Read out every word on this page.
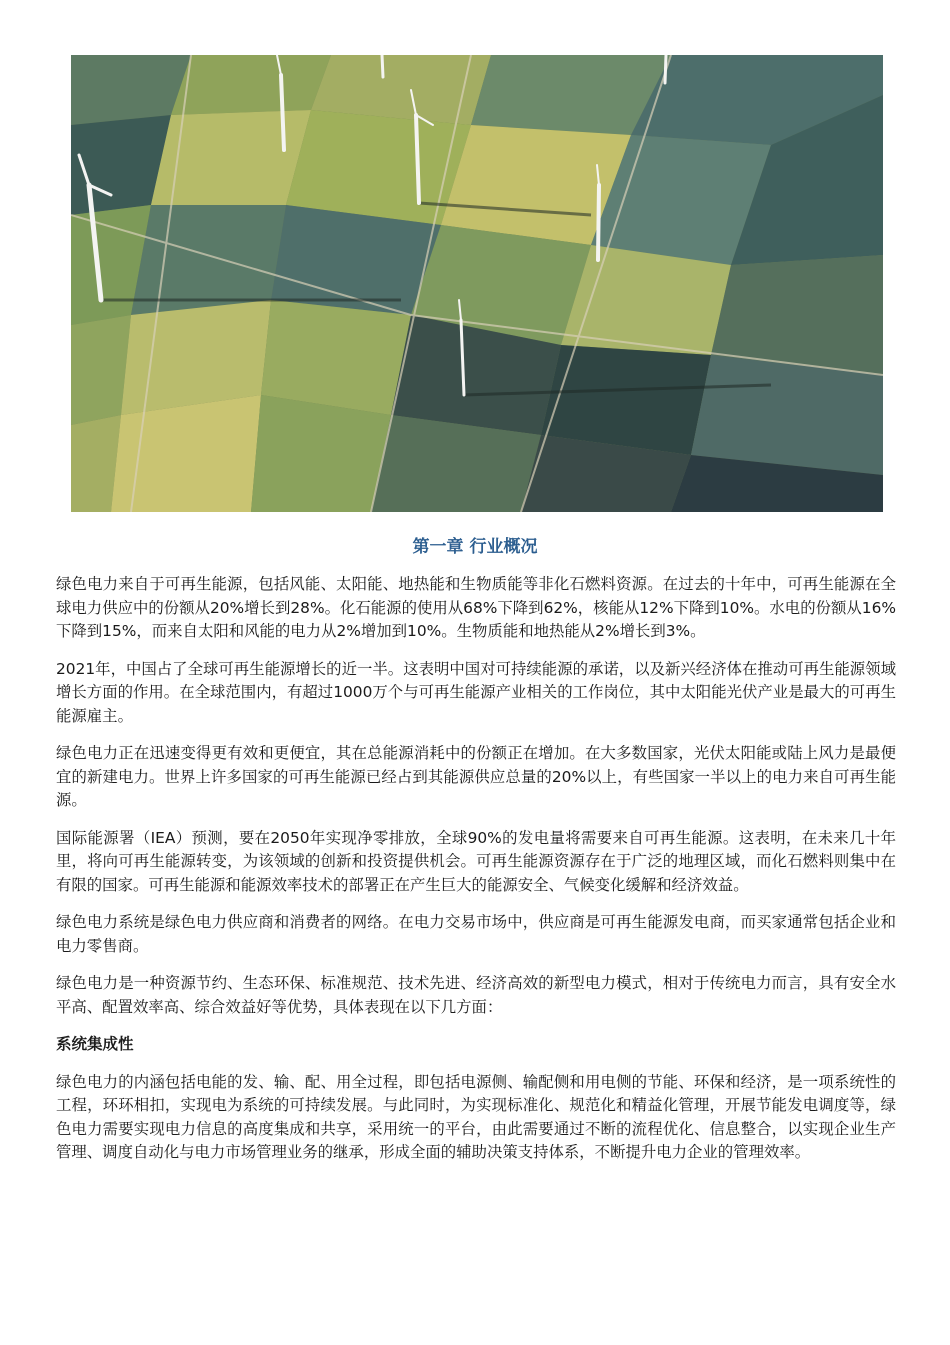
第一章 行业概况

绿色电力来自于可再生能源，包括风能、太阳能、地热能和生物质能等非化石燃料资源。在过去的十年中，可再生能源在全球电力供应中的份额从20%增长到28%。化石能源的使用从68%下降到62%，核能从12%下降到10%。水电的份额从16%下降到15%，而来自太阳和风能的电力从2%增加到10%。生物质能和地热能从2%增长到3%。

2021年，中国占了全球可再生能源增长的近一半。这表明中国对可持续能源的承诺，以及新兴经济体在推动可再生能源领域增长方面的作用。在全球范围内，有超过1000万个与可再生能源产业相关的工作岗位，其中太阳能光伏产业是最大的可再生能源雇主。

绿色电力正在迅速变得更有效和更便宜，其在总能源消耗中的份额正在增加。在大多数国家，光伏太阳能或陆上风力是最便宜的新建电力。世界上许多国家的可再生能源已经占到其能源供应总量的20%以上，有些国家一半以上的电力来自可再生能源。

国际能源署（IEA）预测，要在2050年实现净零排放，全球90%的发电量将需要来自可再生能源。这表明，在未来几十年里，将向可再生能源转变，为该领域的创新和投资提供机会。可再生能源资源存在于广泛的地理区域，而化石燃料则集中在有限的国家。可再生能源和能源效率技术的部署正在产生巨大的能源安全、气候变化缓解和经济效益。

绿色电力系统是绿色电力供应商和消费者的网络。在电力交易市场中，供应商是可再生能源发电商，而买家通常包括企业和电力零售商。

绿色电力是一种资源节约、生态环保、标准规范、技术先进、经济高效的新型电力模式，相对于传统电力而言，具有安全水平高、配置效率高、综合效益好等优势，具体表现在以下几方面：

系统集成性

绿色电力的内涵包括电能的发、输、配、用全过程，即包括电源侧、输配侧和用电侧的节能、环保和经济，是一项系统性的工程，环环相扣，实现电为系统的可持续发展。与此同时，为实现标准化、规范化和精益化管理，开展节能发电调度等，绿色电力需要实现电力信息的高度集成和共享，采用统一的平台，由此需要通过不断的流程优化、信息整合，以实现企业生产管理、调度自动化与电力市场管理业务的继承，形成全面的辅助决策支持体系，不断提升电力企业的管理效率。
